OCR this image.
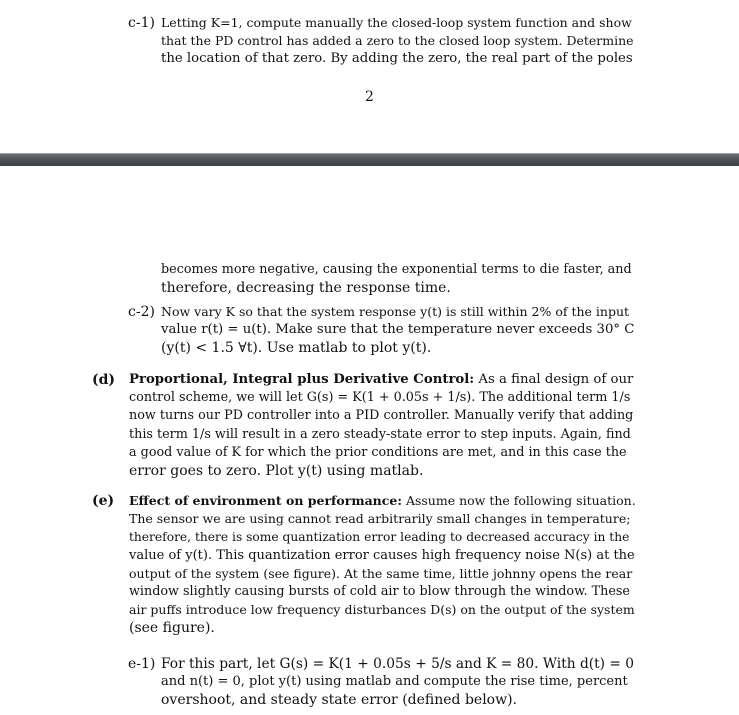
c-1) Letting K=1, compute manually the closed-loop system function and show
that the PD control has added a zero to the closed loop system. Determine
the location of that zero. By adding the zero, the real part of the poles
2
becomes more negative, causing the exponential terms to die faster, and
therefore, decreasing the response time.
c-2) Now vary K so that the system response y(t) is still within 2% of the input
value r(t) = u(t). Make sure that the temperature never exceeds 30° C
(y(t) < 1.5 ∀t). Use matlab to plot y(t).
(d) Proportional, Integral plus Derivative Control: As a final design of our
control scheme, we will let G(s) = K(1 + 0.05s + 1/s). The additional term 1/s
now turns our PD controller into a PID controller. Manually verify that adding
this term 1/s will result in a zero steady-state error to step inputs. Again, find
a good value of K for which the prior conditions are met, and in this case the
error goes to zero. Plot y(t) using matlab.
(e) Effect of environment on performance: Assume now the following situation.
The sensor we are using cannot read arbitrarily small changes in temperature;
therefore, there is some quantization error leading to decreased accuracy in the
value of y(t). This quantization error causes high frequency noise N(s) at the
output of the system (see figure). At the same time, little johnny opens the rear
window slightly causing bursts of cold air to blow through the window. These
air puffs introduce low frequency disturbances D(s) on the output of the system
(see figure).
e-1) For this part, let G(s) = K(1 + 0.05s + 5/s and K = 80. With d(t) = 0
and n(t) = 0, plot y(t) using matlab and compute the rise time, percent
overshoot, and steady state error (defined below).
